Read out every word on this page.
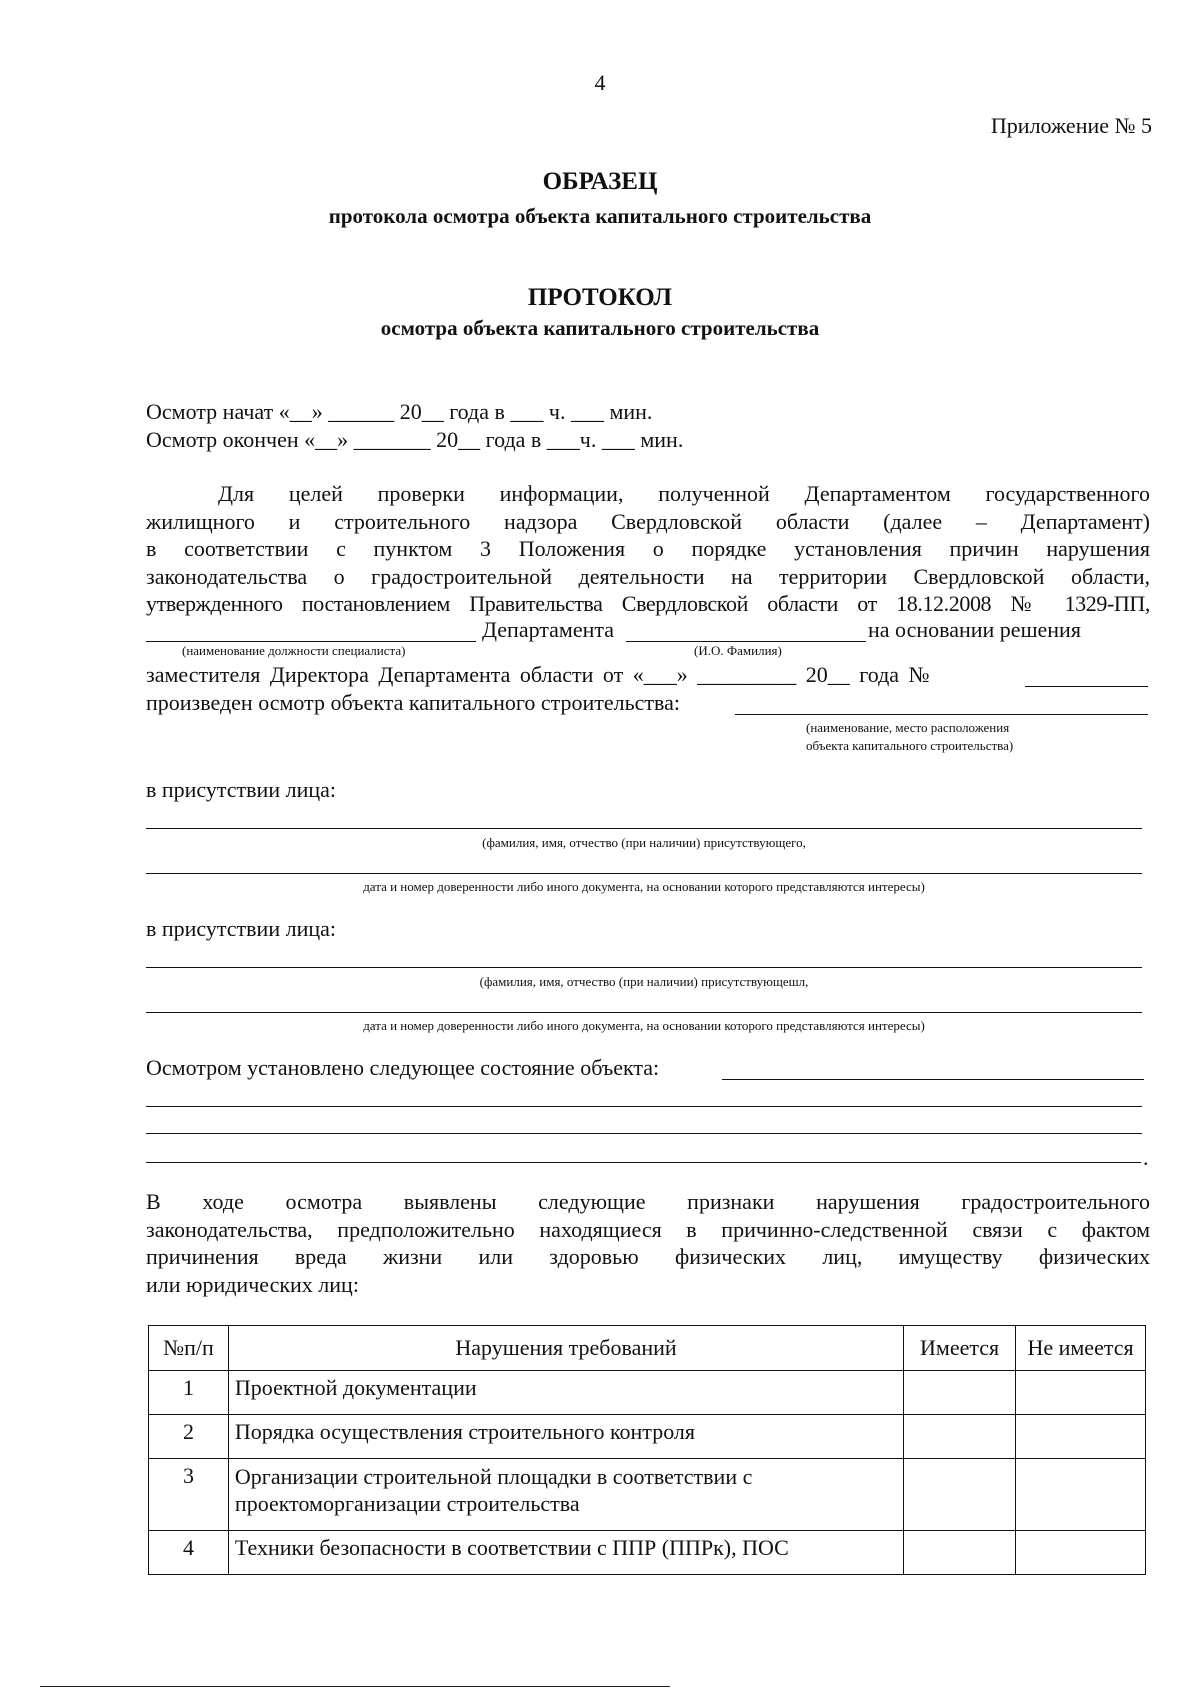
4
Приложение № 5
ОБРАЗЕЦ
протокола осмотра объекта капитального строительства
ПРОТОКОЛ
осмотра объекта капитального строительства
Осмотр начат «__» ______ 20__ года в ___ ч. ___ мин.
Осмотр окончен «__» _______ 20__ года в ___ч. ___ мин.
Для целей проверки информации, полученной Департаментом государственного
жилищного и строительного надзора Свердловской области (далее – Департамент)
в соответствии с пунктом 3 Положения о порядке установления причин нарушения
законодательства о градостроительной деятельности на территории Свердловской области,
утвержденного постановлением Правительства Свердловской области от 18.12.2008 № 1329-ПП,
Департамента	на основании решения
(наименование должности специалиста)	(И.О. Фамилия)
заместителя Директора Департамента области от «___» _________ 20__ года №
произведен осмотр объекта капитального строительства:
(наименование, место расположения
объекта капитального строительства)
в присутствии лица:
(фамилия, имя, отчество (при наличии) присутствующего,
дата и номер доверенности либо иного документа, на основании которого представляются интересы)
в присутствии лица:
(фамилия, имя, отчество (при наличии) присутствующешл,
дата и номер доверенности либо иного документа, на основании которого представляются интересы)
Осмотром установлено следующее состояние объекта:
.
В ходе осмотра выявлены следующие признаки нарушения градостроительного
законодательства, предположительно находящиеся в причинно-следственной связи с фактом
причинения вреда жизни или здоровью физических лиц, имуществу физических
или юридических лиц:
№п/п	Нарушения требований	Имеется	Не имеется
1	Проектной документации		
2	Порядка осуществления строительного контроля		
3	Организации строительной площадки в соответствии с проектоморганизации строительства		
4	Техники безопасности в соответствии с ППР (ППРк), ПОС		
